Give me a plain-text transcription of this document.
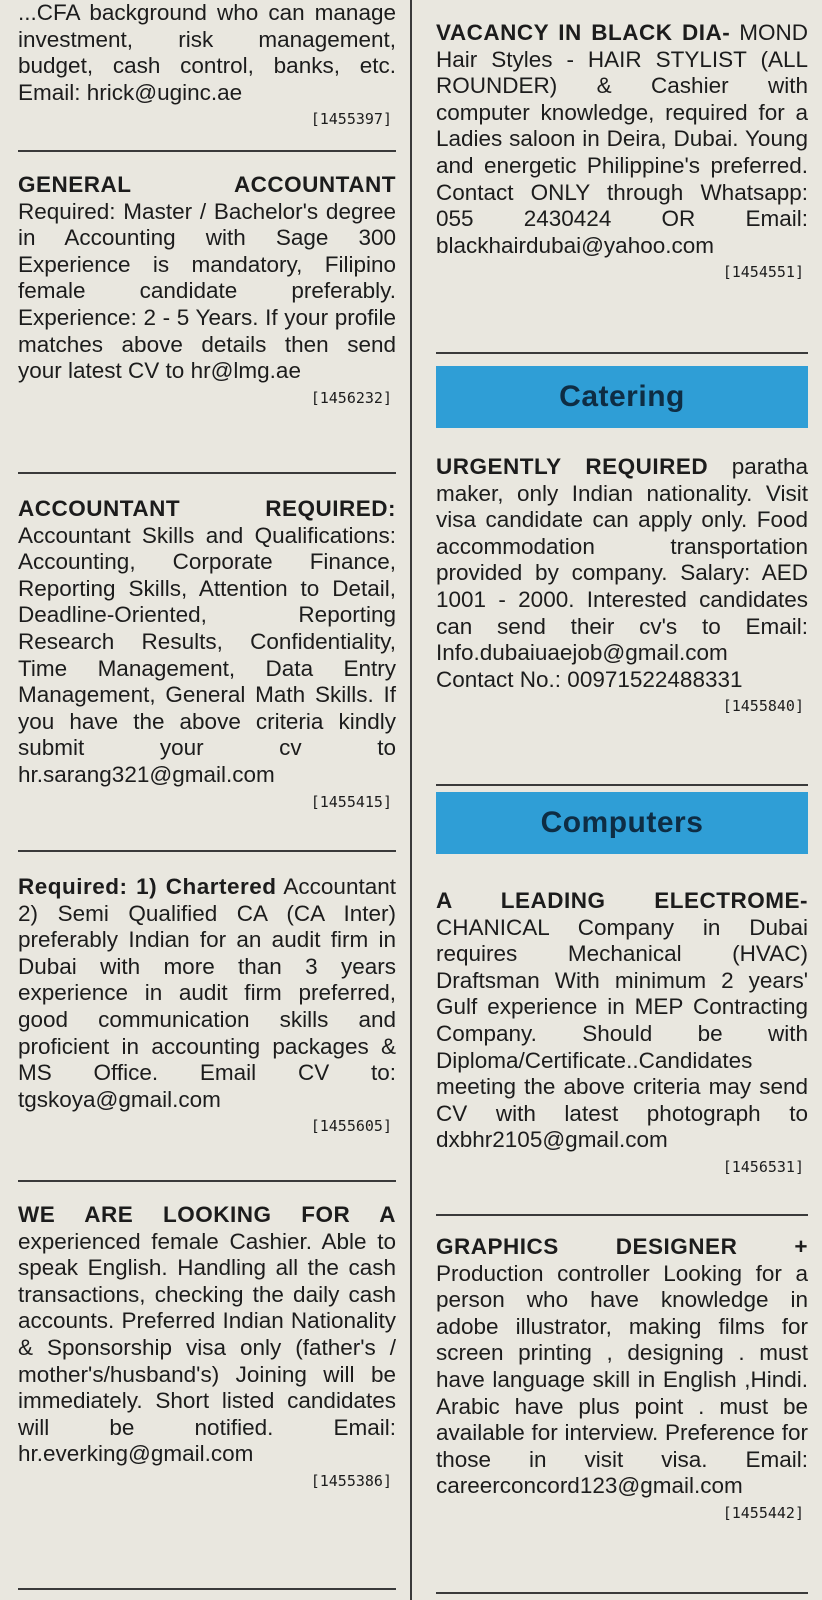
...CFA background who can manage investment, risk management, budget, cash control, banks, etc. Email: hrick@uginc.ae

[1455397]

GENERAL ACCOUNTANT Required: Master / Bachelor's degree in Accounting with Sage 300 Experience is mandatory, Filipino female candidate preferably. Experience: 2 - 5 Years. If your profile matches above details then send your latest CV to hr@lmg.ae

[1456232]

ACCOUNTANT REQUIRED: Accountant Skills and Qualifications: Accounting, Corporate Finance, Reporting Skills, Attention to Detail, Deadline-Oriented, Reporting Research Results, Confidentiality, Time Management, Data Entry Management, General Math Skills. If you have the above criteria kindly submit your cv to hr.sarang321@gmail.com

[1455415]

Required: 1) Chartered Accountant 2) Semi Qualified CA (CA Inter) preferably Indian for an audit firm in Dubai with more than 3 years experience in audit firm preferred, good communication skills and proficient in accounting packages & MS Office. Email CV to: tgskoya@gmail.com

[1455605]

WE ARE LOOKING FOR A experienced female Cashier. Able to speak English. Handling all the cash transactions, checking the daily cash accounts. Preferred Indian Nationality & Sponsorship visa only (father's / mother's/husband's) Joining will be immediately. Short listed candidates will be notified. Email: hr.everking@gmail.com

[1455386]

VACANCY IN BLACK DIA- MOND Hair Styles - HAIR STYLIST (ALL ROUNDER) & Cashier with computer knowledge, required for a Ladies saloon in Deira, Dubai. Young and energetic Philippine's preferred. Contact ONLY through Whatsapp: 055 2430424 OR Email: blackhairdubai@yahoo.com

[1454551]
Catering

URGENTLY REQUIRED paratha maker, only Indian nationality. Visit visa candidate can apply only. Food accommodation transportation provided by company. Salary: AED 1001 - 2000. Interested candidates can send their cv's to Email: Info.dubaiuaejob@gmail.com Contact No.: 00971522488331

[1455840]
Computers

A LEADING ELECTROME- CHANICAL Company in Dubai requires Mechanical (HVAC) Draftsman With minimum 2 years' Gulf experience in MEP Contracting Company. Should be with Diploma/Certificate..Candidates meeting the above criteria may send CV with latest photograph to dxbhr2105@gmail.com

[1456531]

GRAPHICS DESIGNER + Production controller Looking for a person who have knowledge in adobe illustrator, making films for screen printing , designing . must have language skill in English ,Hindi. Arabic have plus point . must be available for interview. Preference for those in visit visa. Email: careerconcord123@gmail.com

[1455442]
